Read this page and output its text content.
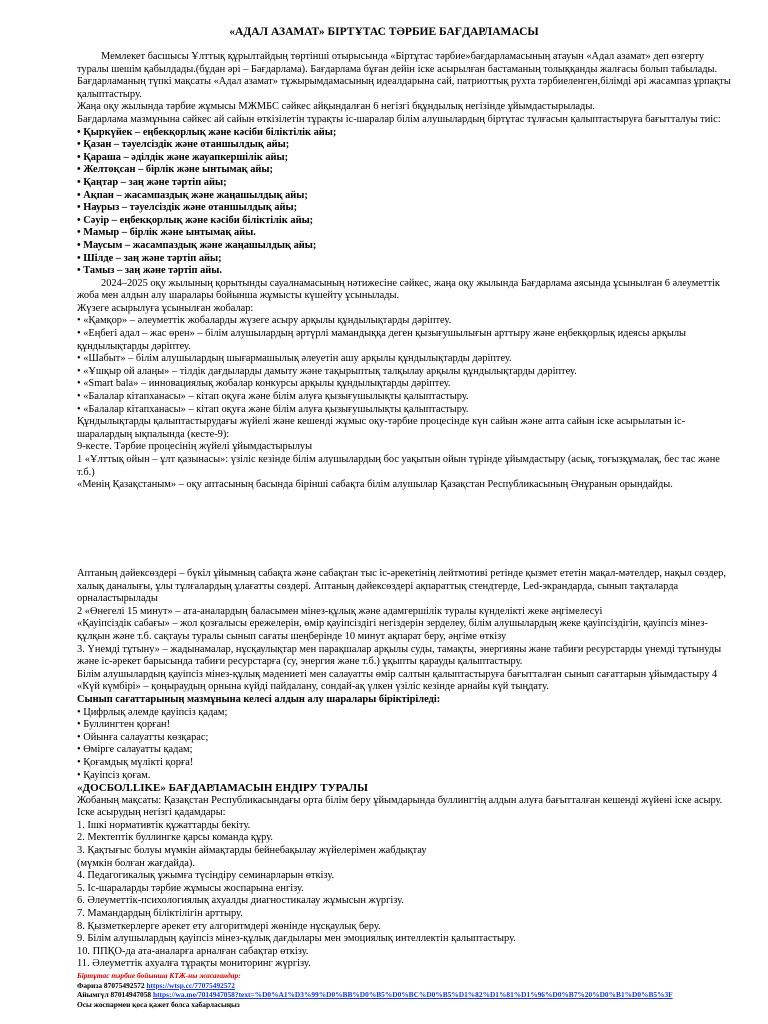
«АДАЛ АЗАМАТ» БІРТҰТАС ТӘРБИЕ БАҒДАРЛАМАСЫ

Мемлекет басшысы Ұлттық құрылтайдың төртінші отырысында «Біртұтас тәрбие»бағдарламасының атауын «Адал азамат» деп өзгерту туралы шешім қабылдады.(бұдан әрі – Бағдарлама). Бағдарлама бұған дейін іске асырылған бастаманың толыққанды жалғасы болып табылады. Бағдарламаның түпкі мақсаты «Адал азамат» тұжырымдамасының идеалдарына сай, патриоттық рухта тәрбиеленген,білімді әрі жасампаз ұрпақты қалыптастыру.

Жаңа оқу жылында тәрбие жұмысы МЖМБС сәйкес айқындалған 6 негізгі бқұндылық негізінде ұйымдастырылады.

Бағдарлама мазмұнына сәйкес ай сайын өткізілетін тұрақты іс-шаралар білім алушылардың біртұтас тұлғасын қалыптастыруға бағытталуы тиіс:

• Қыркүйек – еңбекқорлық және кәсіби біліктілік айы;

• Қазан – тәуелсіздік және отаншылдық айы;

• Қараша – әділдік және жауапкершілік айы;

• Желтоқсан – бірлік және ынтымақ айы;

• Қаңтар – заң және тәртіп айы;

• Ақпан – жасампаздық және жаңашылдық айы;

• Наурыз – тәуелсіздік және отаншылдық айы;

• Сәуір – еңбекқорлық және кәсіби біліктілік айы;

• Мамыр – бірлік және ынтымақ айы.

• Маусым – жасампаздық және жаңашылдық айы;

• Шілде – заң және тәртіп айы;

• Тамыз – заң және тәртіп айы.

2024–2025 оқу жылының қорытынды сауалнамасының нәтижесіне сәйкес, жаңа оқу жылында Бағдарлама аясында ұсынылған 6 әлеуметтік жоба мен алдын алу шаралары бойынша жұмысты күшейту ұсынылады.

Жүзеге асырылуға ұсынылған жобалар:

• «Қамқор» – әлеуметтік жобаларды жүзеге асыру арқылы құндылықтарды дәріптеу.

• «Еңбегі адал – жас өрен» – білім алушылардың әртүрлі мамандыққа деген қызығушылығын арттыру және еңбекқорлық идеясы арқылы құндылықтарды дәріптеу.

• «Шабыт» – білім алушылардың шығармашылық әлеуетін ашу арқылы құндылықтарды дәріптеу.

• «Ұшқыр ой алаңы» – тілдік дағдыларды дамыту және тақырыптық талқылау арқылы құндылықтарды дәріптеу.

• «Smart bala» – инновациялық жобалар конкурсы арқылы құндылықтарды дәріптеу.

• «Балалар кітапханасы» – кітап оқуға және білім алуға қызығушылықты қалыптастыру.

• «Балалар кітапханасы» – кітап оқуға және білім алуға қызығушылықты қалыптастыру.

Құндылықтарды қалыптастырудағы жүйелі және кешенді жұмыс оқу-тәрбие процесінде күн сайын және апта сайын іске асырылатын іс-шаралардың ықпалында (кесте-9):

9-кесте. Тәрбие процесінің жүйелі ұйымдастырылуы

1 «Ұлттық ойын – ұлт қазынасы»: үзіліс кезінде білім алушылардың бос уақытын ойын түрінде ұйымдастыру (асық, тоғызқұмалақ, бес тас және т.б.)

«Менің Қазақстаным» – оқу аптасының басында бірінші сабақта білім алушылар Қазақстан Республикасының Әнұранын орындайды.

Аптаның дәйексөздері – бүкіл ұйымның сабақта және сабақтан тыс іс-әрекетінің лейтмотиві ретінде қызмет ететін мақал-мәтелдер, нақыл сөздер, халық даналығы, ұлы тұлғалардың ұлағатты сөздері. Аптаның дәйексөздері ақпараттық стендтерде, Led-экрандарда, сынып тақталарда орналастырылады

2 «Өнегелі 15 минут» – ата-аналардың баласымен мінез-құлық және адамгершілік туралы күнделікті жеке әңгімелесуі

«Қауіпсіздік сабағы» – жол қозғалысы ережелерін, өмір қауіпсіздігі негіздерін зерделеу, білім алушылардың жеке қауіпсіздігін, қауіпсіз мінез-құлқын және т.б. сақтауы туралы сынып сағаты шеңберінде 10 минут ақпарат беру, әңгіме өткізу

3. Үнемді тұтыну» – жадынамалар, нұсқаулықтар мен парақшалар арқылы суды, тамақты, энергияны және табиғи ресурстарды үнемді тұтынуды және іс-әрекет барысында табиғи ресурстарға (су, энергия және т.б.) ұқыпты қарауды қалыптастыру.

Білім алушылардың қауіпсіз мінез-құлық мәдениеті мен салауатты өмір салтын қалыптастыруға бағытталған сынып сағаттарын ұйымдастыру 4 «Күй күмбірі» – қоңыраудың орнына күйді пайдалану, сондай-ақ үлкен үзіліс кезінде арнайы күй тыңдату.

Сынып сағаттарының мазмұнына келесі алдын алу шаралары біріктіріледі:

• Цифрлық әлемде қауіпсіз қадам;

• Буллингтен қорған!

• Ойынға салауатты көзқарас;

• Өмірге салауатты қадам;

• Қоғамдық мүлікті қорға!

• Қауіпсіз қоғам.

«ДОСБОЛ.LIKE» БАҒДАРЛАМАСЫН ЕНДІРУ ТУРАЛЫ

Жобаның мақсаты: Қазақстан Республикасындағы орта білім беру ұйымдарында буллингтің алдын алуға бағытталған кешенді жүйені іске асыру.

Іске асырудың негізгі қадамдары:

1. Ішкі нормативтік құжаттарды бекіту.

2. Мектептік буллингке қарсы команда құру.

3. Қақтығыс болуы мүмкін аймақтарды бейнебақылау жүйелерімен жабдықтау

(мүмкін болған жағдайда).

4. Педагогикалық ұжымға түсіндіру семинарларын өткізу.

5. Іс-шараларды тәрбие жұмысы жоспарына енгізу.

6. Әлеуметтік-психологиялық ахуалды диагностикалау жұмысын жүргізу.

7. Мамандардың біліктілігін арттыру.

8. Қызметкерлерге әрекет ету алгоритмдері жөнінде нұсқаулық беру.

9. Білім алушылардың қауіпсіз мінез-құлық дағдылары мен эмоциялық интеллектін қалыптастыру.

10. ППҚО-да ата-аналарға арналған сабақтар өткізу.

11. Әлеуметтік ахуалға тұрақты мониторинг жүргізу.

Біртұтас тәрбие бойынша КТЖ-ны жасағандар:

Фариза 87075492572 https://wtsp.cc/77075492572

Айымгүл 87014947058 https://wa.me/7014947058?text=%D0%A1%D3%99%D0%BB%D0%B5%D0%BC%D0%B5%D1%82%D1%81%D1%96%D0%B7%20%D0%B1%D0%B5%3F

Осы жоспармен қоса қажет болса хабарласыңыз
